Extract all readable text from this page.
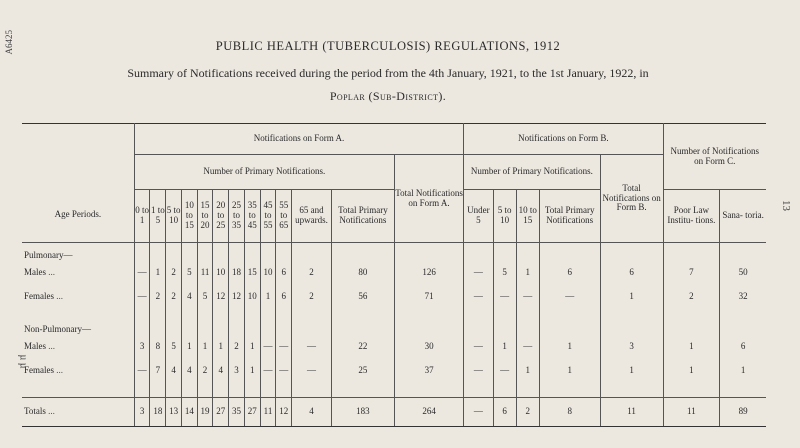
A6425
13
µ µ
PUBLIC HEALTH (TUBERCULOSIS) REGULATIONS, 1912
Summary of Notifications received during the period from the 4th January, 1921, to the 1st January, 1922, in
Poplar (Sub-District).
Age Periods.	Notifications on Form A.													Notifications on Form B.					Number of Notifications on Form C.	
	Number of Primary Notifications.												Total Notifications on Form A.	Number of Primary Notifications.				Total Notifications on Form B.		
	0 to 1	1 to 5	5 to 10	10 to 15	15 to 20	20 to 25	25 to 35	35 to 45	45 to 55	55 to 65	65 and upwards.	Total Primary Notifications		Under 5	5 to 10	10 to 15	Total Primary Notifications		Poor Law Institu- tions.	Sana- toria.
Pulmonary—																				
Males ...	—	1	2	5	11	10	18	15	10	6	2	80	126	—	5	1	6	6	7	50
Females ...	—	2	2	4	5	12	12	10	1	6	2	56	71	—	—	—	—	1	2	32
Non-Pulmonary—																				
Males ...	3	8	5	1	1	1	2	1	—	—	—	22	30	—	1	—	1	3	1	6
Females ...	—	7	4	4	2	4	3	1	—	—	—	25	37	—	—	1	1	1	1	1

Totals ...	3	18	13	14	19	27	35	27	11	12	4	183	264	—	6	2	8	11	11	89
